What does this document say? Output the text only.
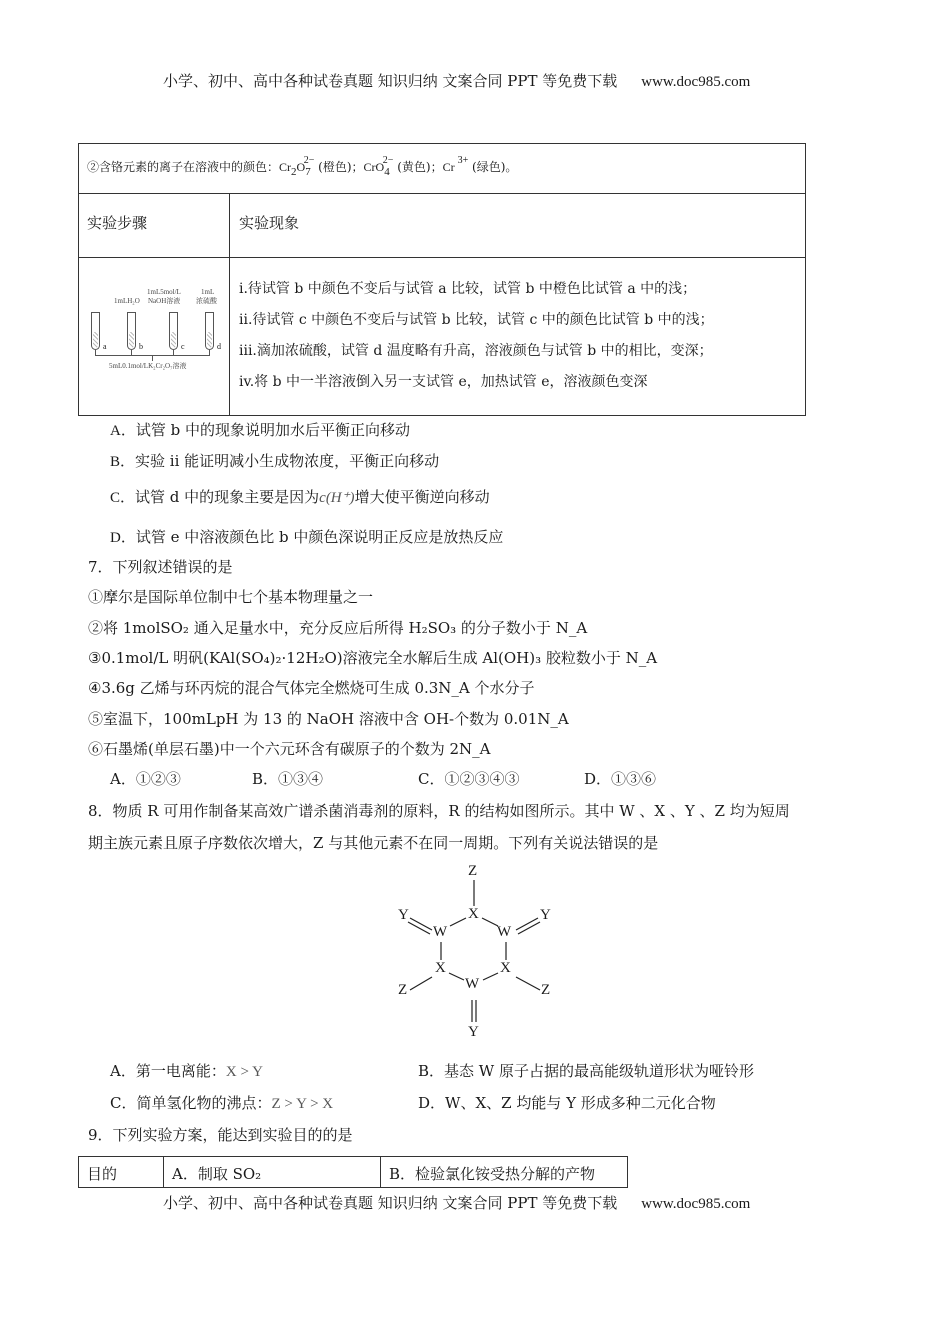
小学、初中、高中各种试卷真题 知识归纳 文案合同 PPT 等免费下载 www.doc985.com
②含铬元素的离子在溶液中的颜色：$Cr2O7^{2-}$ (橙色)；$CrO4^{2-}$ (黄色)；Cr $^{3+}$ (绿色)。
实验步骤	实验现象
1mLH₂O
1mL5mol/L
NaOH溶液
1mL
浓硫酸
a	b	c	d
5mL0.1mol/LK₂Cr₂O₇溶液
i.待试管 b 中颜色不变后与试管 a 比较，试管 b 中橙色比试管 a 中的浅；
ii.待试管 c 中颜色不变后与试管 b 比较，试管 c 中的颜色比试管 b 中的浅；
iii.滴加浓硫酸，试管 d 温度略有升高，溶液颜色与试管 b 中的相比，变深；
iv.将 b 中一半溶液倒入另一支试管 e，加热试管 e，溶液颜色变深
A．试管 b 中的现象说明加水后平衡正向移动
B．实验 ii 能证明减小生成物浓度，平衡正向移动
C．试管 d 中的现象主要是因为c(H⁺)增大使平衡逆向移动
D．试管 e 中溶液颜色比 b 中颜色深说明正反应是放热反应
7．下列叙述错误的是
①摩尔是国际单位制中七个基本物理量之一
②将 1molSO₂ 通入足量水中，充分反应后所得 H₂SO₃ 的分子数小于 N_A
③0.1mol/L 明矾(KAl(SO₄)₂·12H₂O)溶液完全水解后生成 Al(OH)₃ 胶粒数小于 N_A
④3.6g 乙烯与环丙烷的混合气体完全燃烧可生成 0.3N_A 个水分子
⑤室温下，100mLpH 为 13 的 NaOH 溶液中含 OH-个数为 0.01N_A
⑥石墨烯(单层石墨)中一个六元环含有碳原子的个数为 2N_A
A．①②③	B．①③④	C．①②③④③	D．①③⑥
8．物质 R 可用作制备某高效广谱杀菌消毒剂的原料，R 的结构如图所示。其中 W 、X 、Y 、Z 均为短周
期主族元素且原子序数依次增大，Z 与其他元素不在同一周期。下列有关说法错误的是
Z
X
W
X
W
X
W
Y	Y
Z	Z
Y
A．第一电离能：X > Y	B．基态 W 原子占据的最高能级轨道形状为哑铃形
C．简单氢化物的沸点：Z > Y > X	D．W、X、Z 均能与 Y 形成多种二元化合物
9．下列实验方案，能达到实验目的的是
目的	A．制取 SO₂	B．检验氯化铵受热分解的产物
小学、初中、高中各种试卷真题 知识归纳 文案合同 PPT 等免费下载 www.doc985.com
